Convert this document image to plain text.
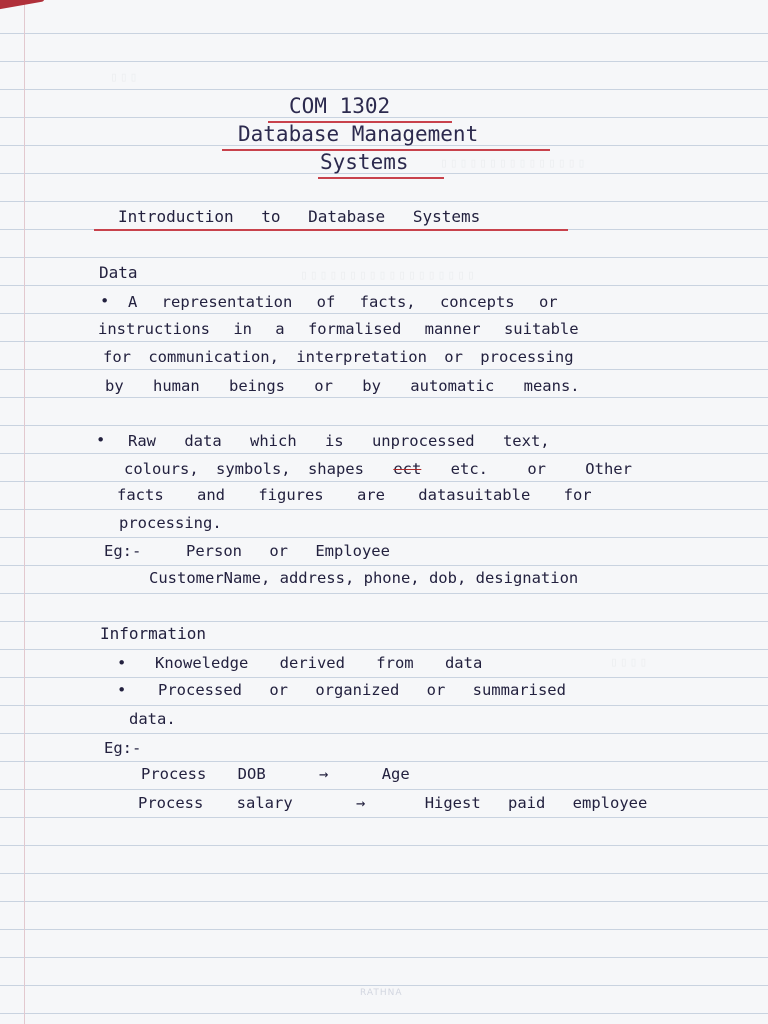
▯▯▯
▯▯▯▯▯▯▯▯▯▯▯▯▯▯▯
▯▯▯▯▯▯▯▯▯▯▯▯▯▯▯▯▯▯
▯▯▯▯
COM 1302
Database Management
Systems
Introduction to Database Systems
Data
• A representation of facts, concepts or
instructions in a formalised manner suitable
for communication, interpretation or processing
by human beings or by automatic means.
• Raw data which is unprocessed text,
colours, symbols, shapes ect etc. or Other
facts and figures are datasuitable for
processing.
Eg:-	Person or Employee
CustomerName, address, phone, dob, designation
Information
• Knoweledge derived from data
• Processed or organized or summarised
data.
Eg:-
Process DOB	→	Age
Process salary	→	Higest paid employee
RATHNA
